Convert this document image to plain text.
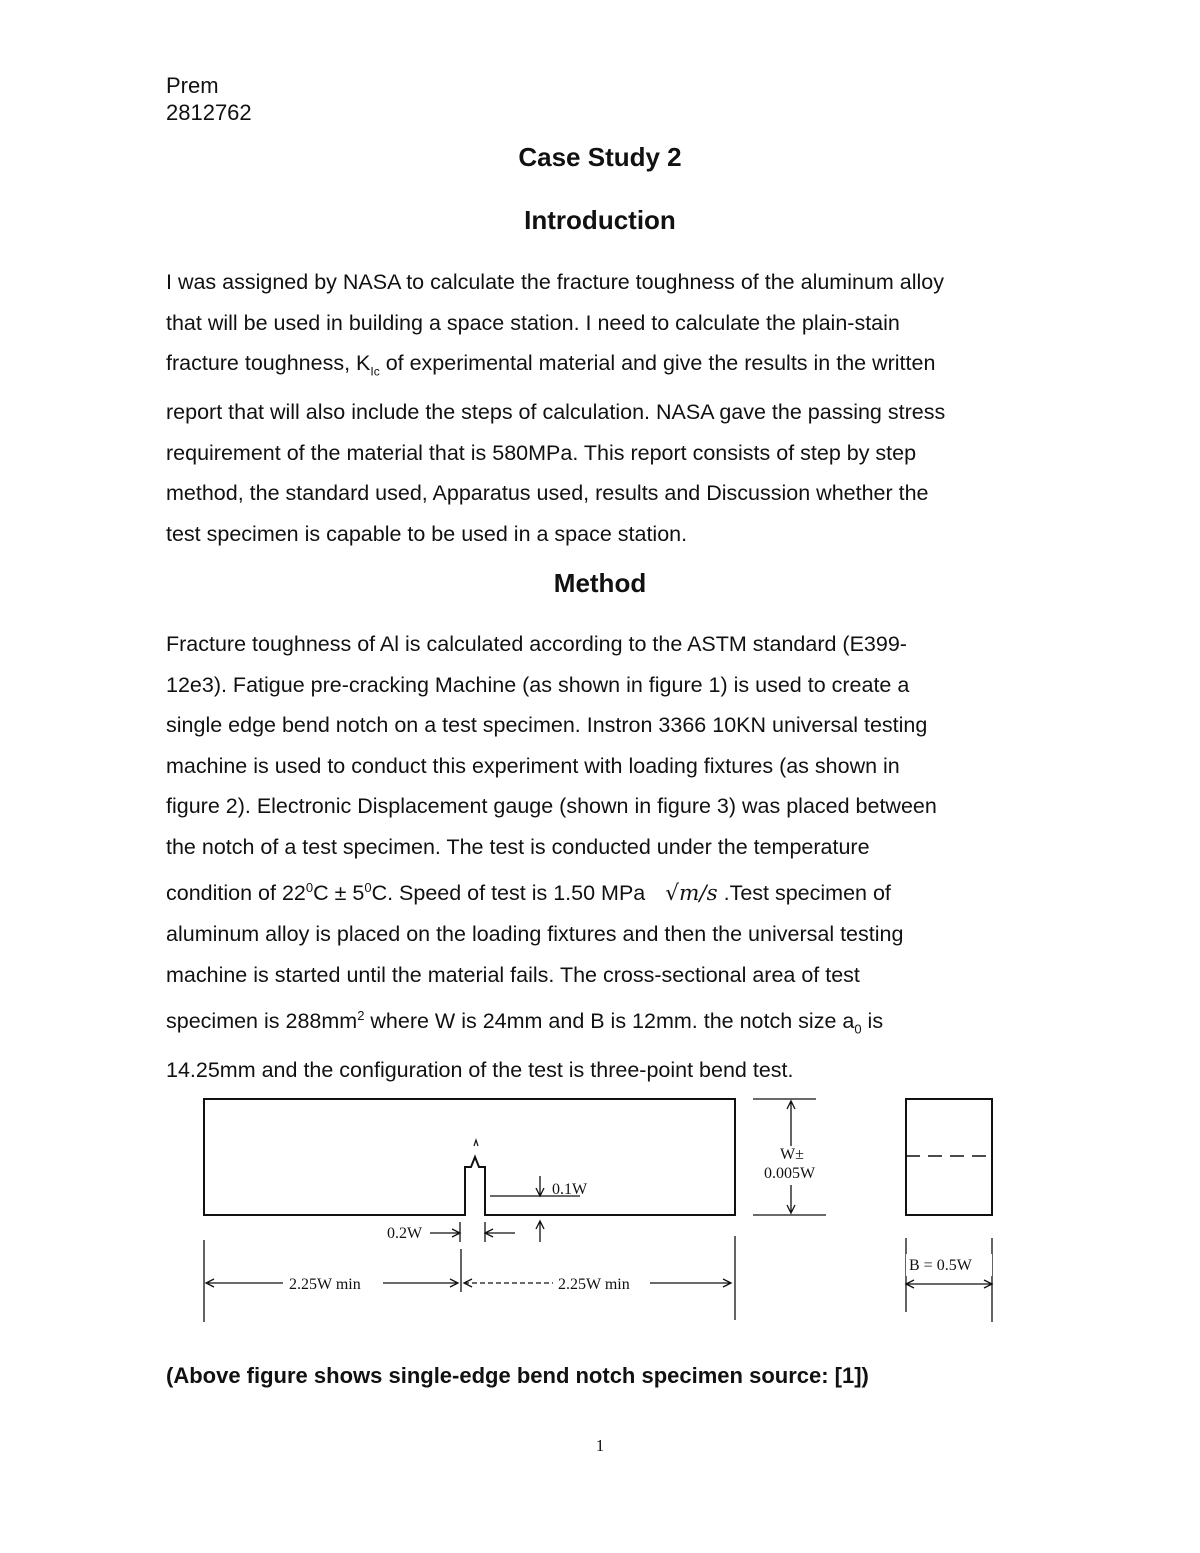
Prem
2812762
Case Study 2
Introduction
I was assigned by NASA to calculate the fracture toughness of the aluminum alloy
that will be used in building a space station. I need to calculate the plain-stain
fracture toughness, $K_{Ic}$ of experimental material and give the results in the written
report that will also include the steps of calculation. NASA gave the passing stress
requirement of the material that is 580MPa. This report consists of step by step
method, the standard used, Apparatus used, results and Discussion whether the
test specimen is capable to be used in a space station.
Method
Fracture toughness of Al is calculated according to the ASTM standard (E399-
12e3). Fatigue pre-cracking Machine (as shown in figure 1) is used to create a
single edge bend notch on a test specimen. Instron 3366 10KN universal testing
machine is used to conduct this experiment with loading fixtures (as shown in
figure 2). Electronic Displacement gauge (shown in figure 3) was placed between
the notch of a test specimen. The test is conducted under the temperature
condition of $22^0C \pm 5^0C$. Speed of test is 1.50 MPa √m/s .Test specimen of
aluminum alloy is placed on the loading fixtures and then the universal testing
machine is started until the material fails. The cross-sectional area of test
specimen is $288mm^2$ where W is 24mm and B is 12mm. the notch size $a_0$ is
14.25mm and the configuration of the test is three-point bend test.
0.1W
0.2W
2.25W min	2.25W min
W±
0.005W
B = 0.5W
(Above figure shows single-edge bend notch specimen source: [1])
1
